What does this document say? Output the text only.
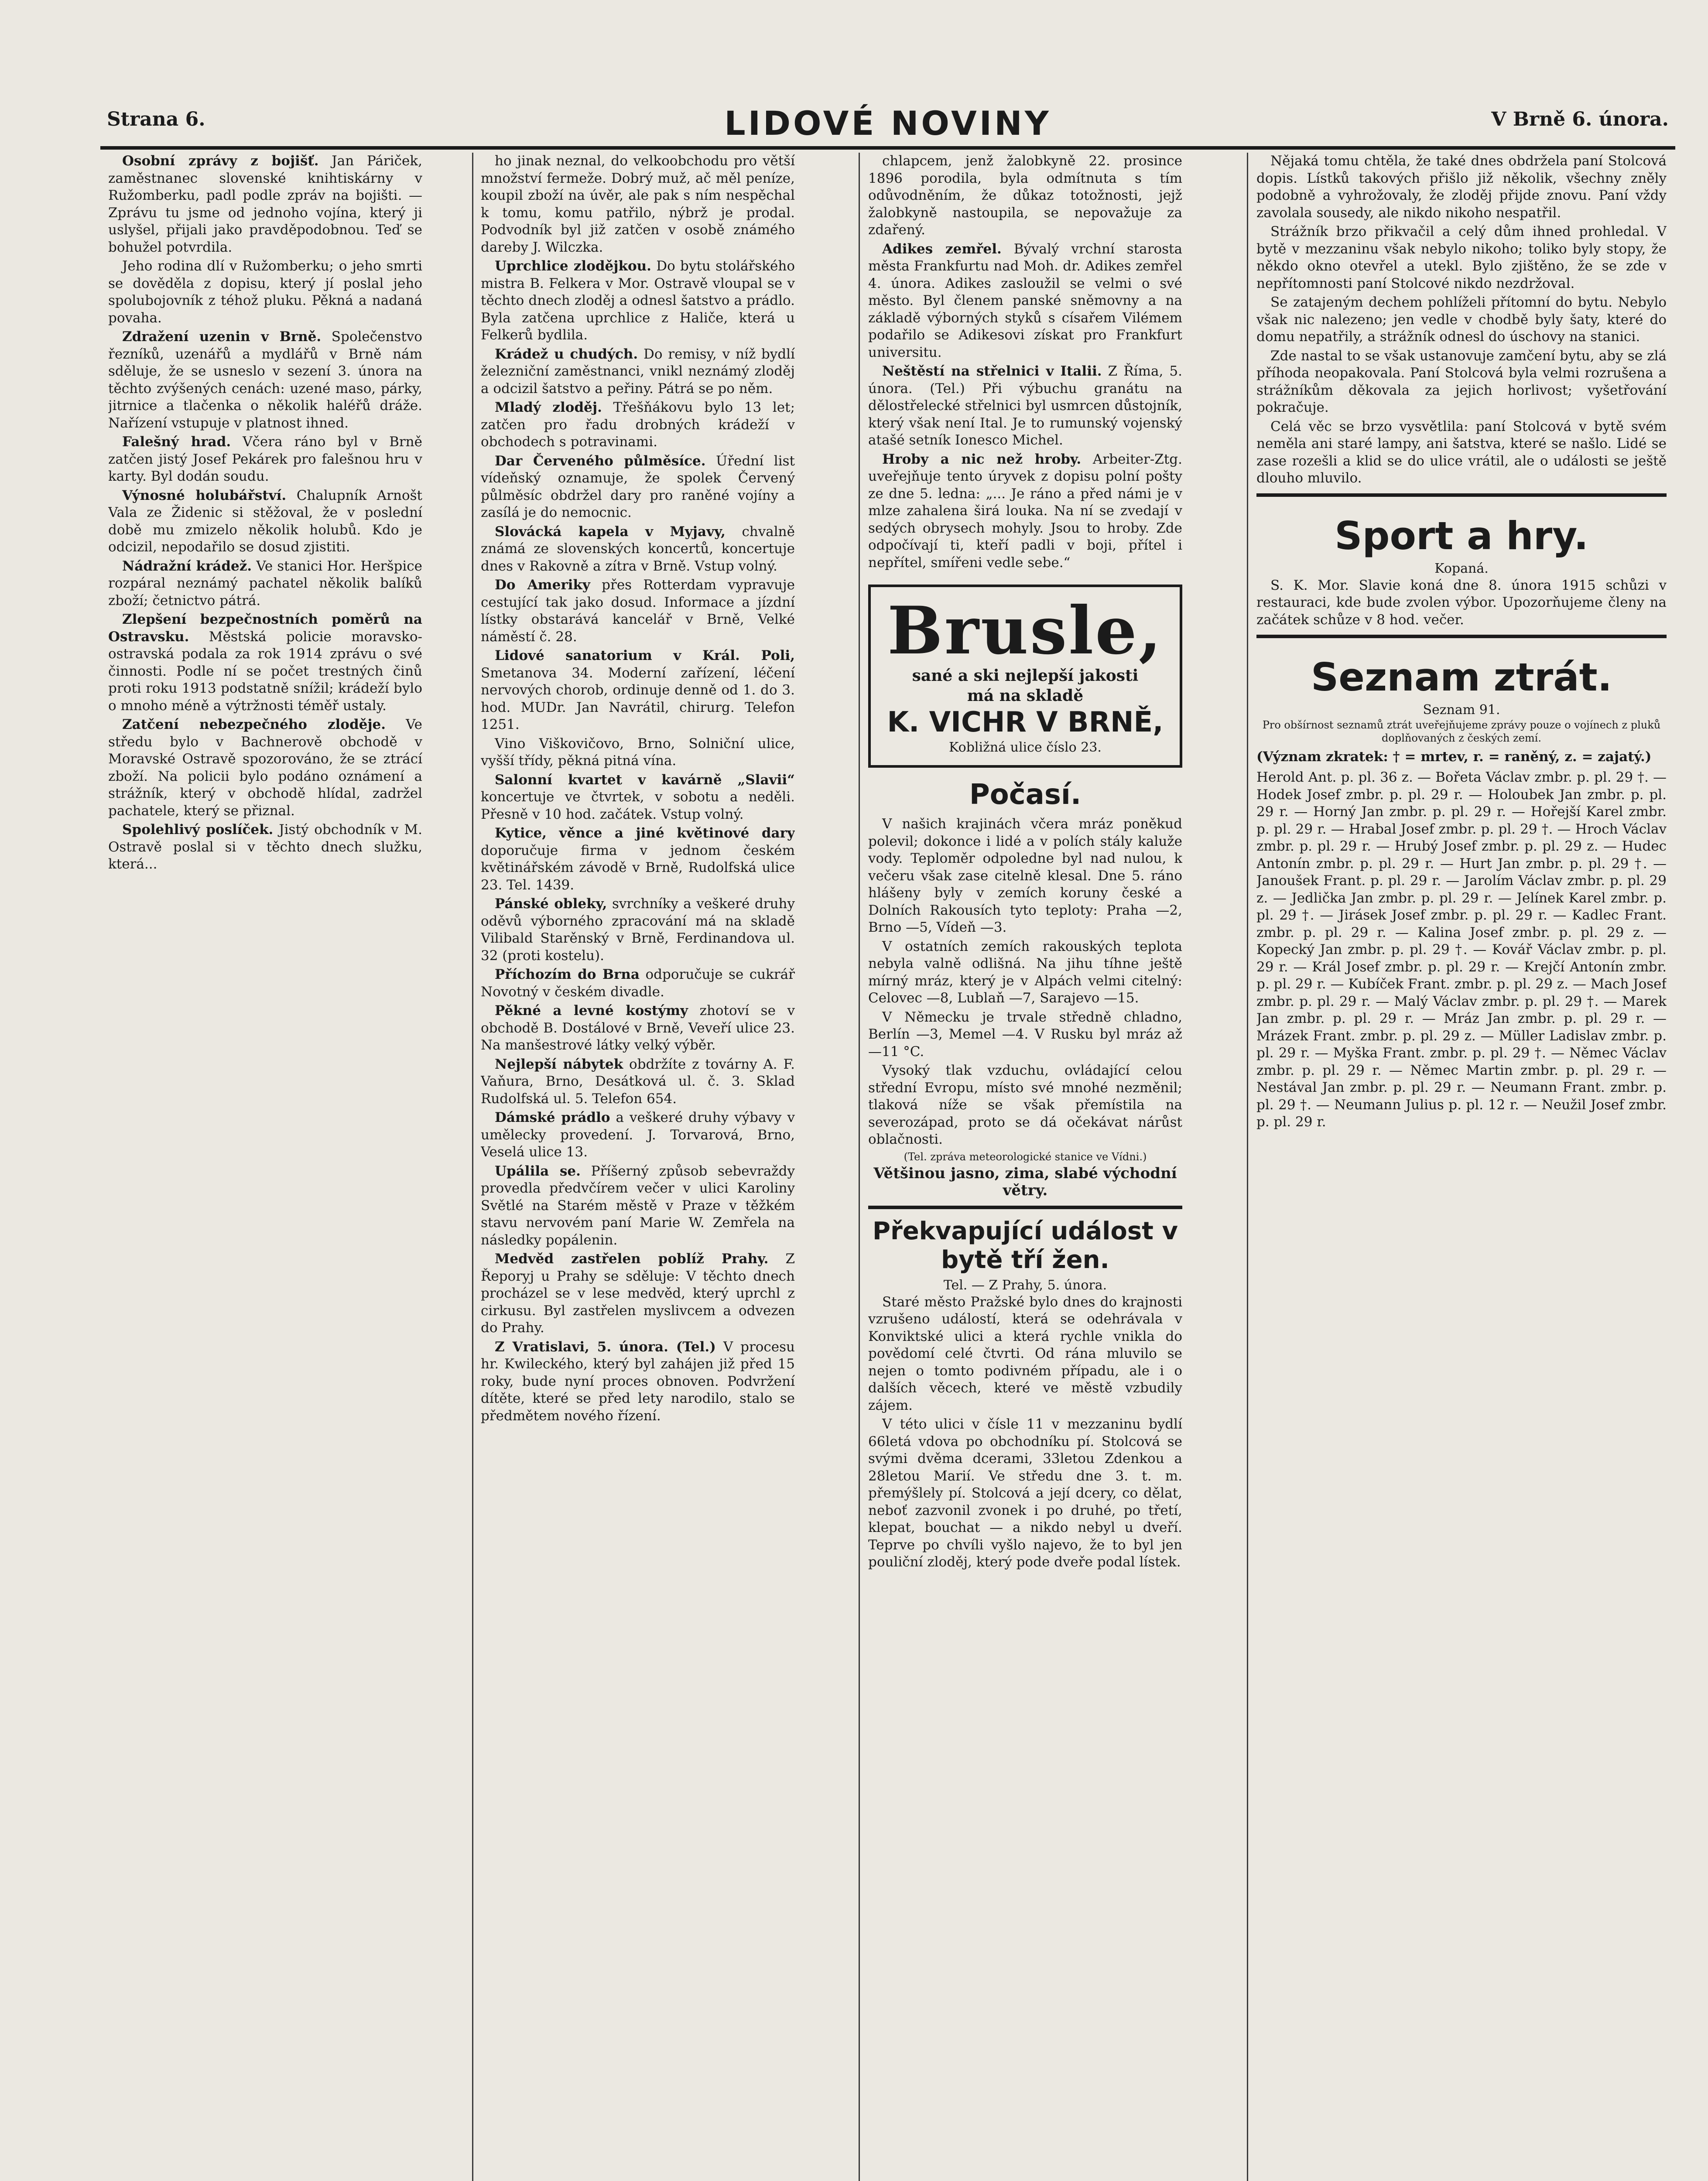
Strana 6.	LIDOVÉ NOVINY	V Brně 6. února.

Osobní zprávy z bojišť. Jan Páriček, zaměstnanec slovenské knihtiskárny v Ružomberku, padl podle zpráv na bojišti. — Zprávu tu jsme od jednoho vojína, který ji uslyšel, přijali jako pravděpodobnou. Teď se bohužel potvrdila.

Jeho rodina dlí v Ružomberku; o jeho smrti se dověděla z dopisu, který jí poslal jeho spolubojovník z téhož pluku. Pěkná a nadaná povaha.

Zdražení uzenin v Brně. Společenstvo řezníků, uzenářů a mydlářů v Brně nám sděluje, že se usneslo v sezení 3. února na těchto zvýšených cenách: uzené maso, párky, jitrnice a tlačenka o několik haléřů dráže. Nařízení vstupuje v platnost ihned.

Falešný hrad. Včera ráno byl v Brně zatčen jistý Josef Pekárek pro falešnou hru v karty. Byl dodán soudu.

Výnosné holubářství. Chalupník Arnošt Vala ze Židenic si stěžoval, že v poslední době mu zmizelo několik holubů. Kdo je odcizil, nepodařilo se dosud zjistiti.

Nádražní krádež. Ve stanici Hor. Heršpice rozpáral neznámý pachatel několik balíků zboží; četnictvo pátrá.

Zlepšení bezpečnostních poměrů na Ostravsku. Městská policie moravsko-ostravská podala za rok 1914 zprávu o své činnosti. Podle ní se počet trestných činů proti roku 1913 podstatně snížil; krádeží bylo o mnoho méně a výtržnosti téměř ustaly.

Zatčení nebezpečného zloděje. Ve středu bylo v Bachnerově obchodě v Moravské Ostravě spozorováno, že se ztrácí zboží. Na policii bylo podáno oznámení a strážník, který v obchodě hlídal, zadržel pachatele, který se přiznal.

Spolehlivý poslíček. Jistý obchodník v M. Ostravě poslal si v těchto dnech služku, která...

ho jinak neznal, do velkoobchodu pro větší množství fermeže. Dobrý muž, ač měl peníze, koupil zboží na úvěr, ale pak s ním nespěchal k tomu, komu patřilo, nýbrž je prodal. Podvodník byl již zatčen v osobě známého dareby J. Wilczka.

Uprchlice zlodějkou. Do bytu stolářského mistra B. Felkera v Mor. Ostravě vloupal se v těchto dnech zloděj a odnesl šatstvo a prádlo. Byla zatčena uprchlice z Haliče, která u Felkerů bydlila.

Krádež u chudých. Do remisy, v níž bydlí železniční zaměstnanci, vnikl neznámý zloděj a odcizil šatstvo a peřiny. Pátrá se po něm.

Mladý zloděj. Třešňákovu bylo 13 let; zatčen pro řadu drobných krádeží v obchodech s potravinami.

Dar Červeného půlměsíce. Úřední list vídeňský oznamuje, že spolek Červený půlměsíc obdržel dary pro raněné vojíny a zasílá je do nemocnic.

Slovácká kapela v Myjavy, chvalně známá ze slovenských koncertů, koncertuje dnes v Rakovně a zítra v Brně. Vstup volný.

Do Ameriky přes Rotterdam vypravuje cestující tak jako dosud. Informace a jízdní lístky obstarává kancelář v Brně, Velké náměstí č. 28.

Lidové sanatorium v Král. Poli, Smetanova 34. Moderní zařízení, léčení nervových chorob, ordinuje denně od 1. do 3. hod. MUDr. Jan Navrátil, chirurg. Telefon 1251.

Vino Viškovičovo, Brno, Solniční ulice, vyšší třídy, pěkná pitná vína.

Salonní kvartet v kavárně „Slavii“ koncertuje ve čtvrtek, v sobotu a neděli. Přesně v 10 hod. začátek. Vstup volný.

Kytice, věnce a jiné květinové dary doporučuje firma v jednom českém květinářském závodě v Brně, Rudolfská ulice 23. Tel. 1439.

Pánské obleky, svrchníky a veškeré druhy oděvů výborného zpracování má na skladě Vilibald Starěnský v Brně, Ferdinandova ul. 32 (proti kostelu).

Příchozím do Brna odporučuje se cukrář Novotný v českém divadle.

Pěkné a levné kostýmy zhotoví se v obchodě B. Dostálové v Brně, Veveří ulice 23. Na manšestrové látky velký výběr.

Nejlepší nábytek obdržíte z továrny A. F. Vaňura, Brno, Desátková ul. č. 3. Sklad Rudolfská ul. 5. Telefon 654.

Dámské prádlo a veškeré druhy výbavy v umělecky provedení. J. Torvarová, Brno, Veselá ulice 13.

Upálila se. Příšerný způsob sebevraždy provedla předvčírem večer v ulici Karoliny Světlé na Starém městě v Praze v těžkém stavu nervovém paní Marie W. Zemřela na následky popálenin.

Medvěd zastřelen poblíž Prahy. Z Řeporyj u Prahy se sděluje: V těchto dnech procházel se v lese medvěd, který uprchl z cirkusu. Byl zastřelen myslivcem a odvezen do Prahy.

Z Vratislavi, 5. února. (Tel.) V procesu hr. Kwileckého, který byl zahájen již před 15 roky, bude nyní proces obnoven. Podvržení dítěte, které se před lety narodilo, stalo se předmětem nového řízení.

chlapcem, jenž žalobkyně 22. prosince 1896 porodila, byla odmítnuta s tím odůvodněním, že důkaz totožnosti, jejž žalobkyně nastoupila, se nepovažuje za zdařený.

Adikes zemřel. Bývalý vrchní starosta města Frankfurtu nad Moh. dr. Adikes zemřel 4. února. Adikes zasloužil se velmi o své město. Byl členem panské sněmovny a na základě výborných styků s císařem Vilémem podařilo se Adikesovi získat pro Frankfurt universitu.

Neštěstí na střelnici v Italii. Z Říma, 5. února. (Tel.) Při výbuchu granátu na dělostřelecké střelnici byl usmrcen důstojník, který však není Ital. Je to rumunský vojenský atašé setník Ionesco Michel.

Hroby a nic než hroby. Arbeiter-Ztg. uveřejňuje tento úryvek z dopisu polní pošty ze dne 5. ledna: „... Je ráno a před námi je v mlze zahalena širá louka. Na ní se zvedají v sedých obrysech mohyly. Jsou to hroby. Zde odpočívají ti, kteří padli v boji, přítel i nepřítel, smířeni vedle sebe.“

Brusle,
sané a ski nejlepší jakosti
má na skladě
K. VICHR V BRNĚ,
Kobližná ulice číslo 23.
Počasí.

V našich krajinách včera mráz poněkud polevil; dokonce i lidé a v polích stály kaluže vody. Teploměr odpoledne byl nad nulou, k večeru však zase citelně klesal. Dne 5. ráno hlášeny byly v zemích koruny české a Dolních Rakousích tyto teploty: Praha —2, Brno —5, Vídeň —3.

V ostatních zemích rakouských teplota nebyla valně odlišná. Na jihu tíhne ještě mírný mráz, který je v Alpách velmi citelný: Celovec —8, Lublaň —7, Sarajevo —15.

V Německu je trvale středně chladno, Berlín —3, Memel —4. V Rusku byl mráz až —11 °C.

Vysoký tlak vzduchu, ovládající celou střední Evropu, místo své mnohé nezměnil; tlaková níže se však přemístila na severozápad, proto se dá očekávat nárůst oblačnosti.

(Tel. zpráva meteorologické stanice ve Vídni.)

Většinou jasno, zima, slabé východní větry.

Překvapující událost v bytě tří žen.
Tel. — Z Prahy, 5. února.

Staré město Pražské bylo dnes do krajnosti vzrušeno událostí, která se odehrávala v Konviktské ulici a která rychle vnikla do povědomí celé čtvrti. Od rána mluvilo se nejen o tomto podivném případu, ale i o dalších věcech, které ve městě vzbudily zájem.

V této ulici v čísle 11 v mezzaninu bydlí 66letá vdova po obchodníku pí. Stolcová se svými dvěma dcerami, 33letou Zdenkou a 28letou Marií. Ve středu dne 3. t. m. přemýšlely pí. Stolcová a její dcery, co dělat, neboť zazvonil zvonek i po druhé, po třetí, klepat, bouchat — a nikdo nebyl u dveří. Teprve po chvíli vyšlo najevo, že to byl jen pouliční zloděj, který pode dveře podal lístek.

Nějaká tomu chtěla, že také dnes obdržela paní Stolcová dopis. Lístků takových přišlo již několik, všechny zněly podobně a vyhrožovaly, že zloděj přijde znovu. Paní vždy zavolala sousedy, ale nikdo nikoho nespatřil.

Strážník brzo přikvačil a celý dům ihned prohledal. V bytě v mezzaninu však nebylo nikoho; toliko byly stopy, že někdo okno otevřel a utekl. Bylo zjištěno, že se zde v nepřítomnosti paní Stolcové nikdo nezdržoval.

Se zatajeným dechem pohlíželi přítomní do bytu. Nebylo však nic nalezeno; jen vedle v chodbě byly šaty, které do domu nepatřily, a strážník odnesl do úschovy na stanici.

Zde nastal to se však ustanovuje zamčení bytu, aby se zlá příhoda neopakovala. Paní Stolcová byla velmi rozrušena a strážníkům děkovala za jejich horlivost; vyšetřování pokračuje.

Celá věc se brzo vysvětlila: paní Stolcová v bytě svém neměla ani staré lampy, ani šatstva, které se našlo. Lidé se zase rozešli a klid se do ulice vrátil, ale o události se ještě dlouho mluvilo.

Sport a hry.
Kopaná.

S. K. Mor. Slavie koná dne 8. února 1915 schůzi v restauraci, kde bude zvolen výbor. Upozorňujeme členy na začátek schůze v 8 hod. večer.

Seznam ztrát.
Seznam 91.
Pro obšírnost seznamů ztrát uveřejňujeme zprávy pouze o vojínech z pluků doplňovaných z českých zemí.
(Význam zkratek: † = mrtev, r. = raněný, z. = zajatý.)

Herold Ant. p. pl. 36 z. — Bořeta Václav zmbr. p. pl. 29 †. — Hodek Josef zmbr. p. pl. 29 r. — Holoubek Jan zmbr. p. pl. 29 r. — Horný Jan zmbr. p. pl. 29 r. — Hořejší Karel zmbr. p. pl. 29 r. — Hrabal Josef zmbr. p. pl. 29 †. — Hroch Václav zmbr. p. pl. 29 r. — Hrubý Josef zmbr. p. pl. 29 z. — Hudec Antonín zmbr. p. pl. 29 r. — Hurt Jan zmbr. p. pl. 29 †. — Janoušek Frant. p. pl. 29 r. — Jarolím Václav zmbr. p. pl. 29 z. — Jedlička Jan zmbr. p. pl. 29 r. — Jelínek Karel zmbr. p. pl. 29 †. — Jirásek Josef zmbr. p. pl. 29 r. — Kadlec Frant. zmbr. p. pl. 29 r. — Kalina Josef zmbr. p. pl. 29 z. — Kopecký Jan zmbr. p. pl. 29 †. — Kovář Václav zmbr. p. pl. 29 r. — Král Josef zmbr. p. pl. 29 r. — Krejčí Antonín zmbr. p. pl. 29 r. — Kubíček Frant. zmbr. p. pl. 29 z. — Mach Josef zmbr. p. pl. 29 r. — Malý Václav zmbr. p. pl. 29 †. — Marek Jan zmbr. p. pl. 29 r. — Mráz Jan zmbr. p. pl. 29 r. — Mrázek Frant. zmbr. p. pl. 29 z. — Müller Ladislav zmbr. p. pl. 29 r. — Myška Frant. zmbr. p. pl. 29 †. — Němec Václav zmbr. p. pl. 29 r. — Němec Martin zmbr. p. pl. 29 r. — Nestával Jan zmbr. p. pl. 29 r. — Neumann Frant. zmbr. p. pl. 29 †. — Neumann Julius p. pl. 12 r. — Neužil Josef zmbr. p. pl. 29 r.
